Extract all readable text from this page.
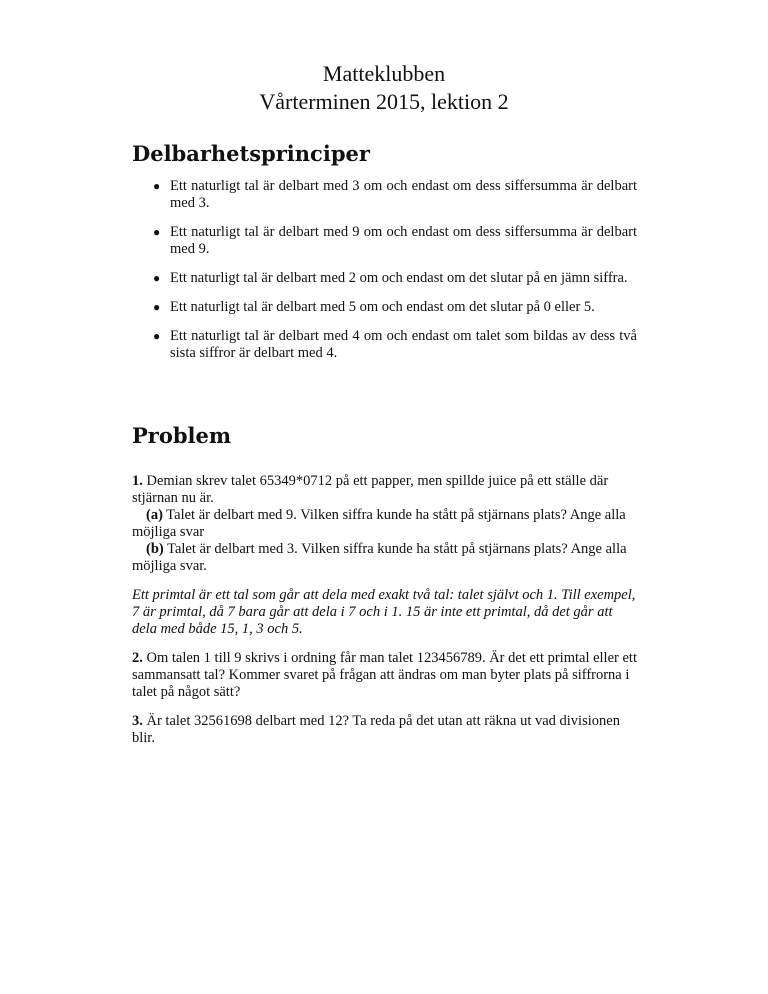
Matteklubben
Vårterminen 2015, lektion 2
Delbarhetsprinciper
● Ett naturligt tal är delbart med 3 om och endast om dess siffersumma är delbart med 3.
● Ett naturligt tal är delbart med 9 om och endast om dess siffersumma är delbart med 9.
● Ett naturligt tal är delbart med 2 om och endast om det slutar på en jämn siffra.
● Ett naturligt tal är delbart med 5 om och endast om det slutar på 0 eller 5.
● Ett naturligt tal är delbart med 4 om och endast om talet som bildas av dess två sista siffror är delbart med 4.
Problem

1. Demian skrev talet 65349*0712 på ett papper, men spillde juice på ett ställe där stjärnan nu är.

(a) Talet är delbart med 9. Vilken siffra kunde ha stått på stjärnans plats? Ange alla möjliga svar

(b) Talet är delbart med 3. Vilken siffra kunde ha stått på stjärnans plats? Ange alla möjliga svar.

Ett primtal är ett tal som går att dela med exakt två tal: talet självt och 1. Till exempel, 7 är primtal, då 7 bara går att dela i 7 och i 1. 15 är inte ett primtal, då det går att dela med både 15, 1, 3 och 5.

2. Om talen 1 till 9 skrivs i ordning får man talet 123456789. Är det ett primtal eller ett sammansatt tal? Kommer svaret på frågan att ändras om man byter plats på siffrorna i talet på något sätt?

3. Är talet 32561698 delbart med 12? Ta reda på det utan att räkna ut vad divisionen blir.
